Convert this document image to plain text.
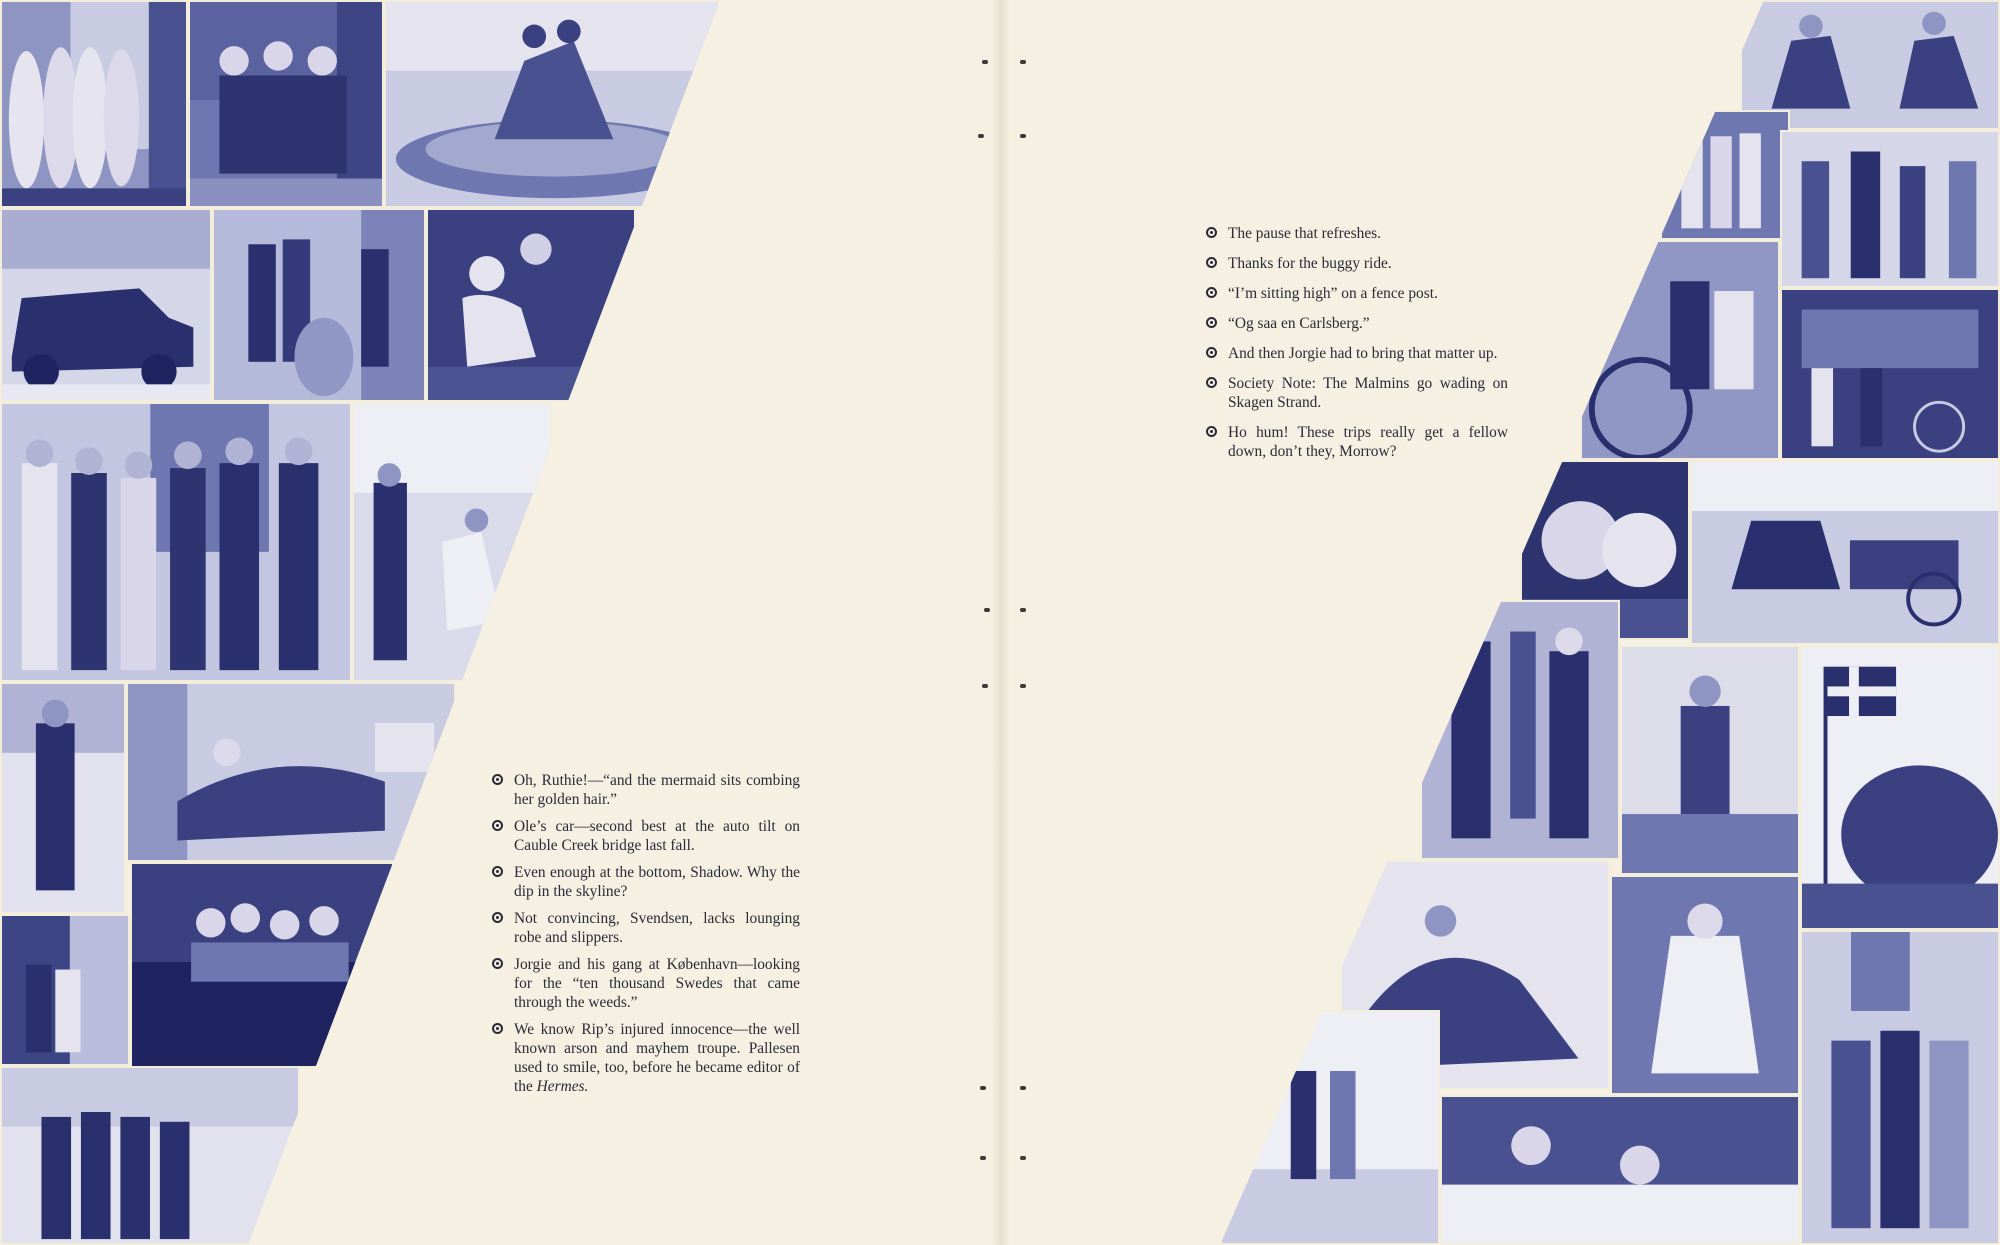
Oh, Ruthie!—“and the mermaid sits combing her golden hair.”
Ole’s car—second best at the auto tilt on Cauble Creek bridge last fall.
Even enough at the bottom, Shadow. Why the dip in the skyline?
Not convincing, Svendsen, lacks lounging robe and slippers.
Jorgie and his gang at København—looking for the “ten thousand Swedes that came through the weeds.”
We know Rip’s injured innocence—the well known arson and mayhem troupe. Pallesen used to smile, too, before he became editor of the Hermes.
The pause that refreshes.
Thanks for the buggy ride.
“I’m sitting high” on a fence post.
“Og saa en Carlsberg.”
And then Jorgie had to bring that matter up.
Society Note: The Malmins go wading on Skagen Strand.
Ho hum! These trips really get a fellow down, don’t they, Morrow?
